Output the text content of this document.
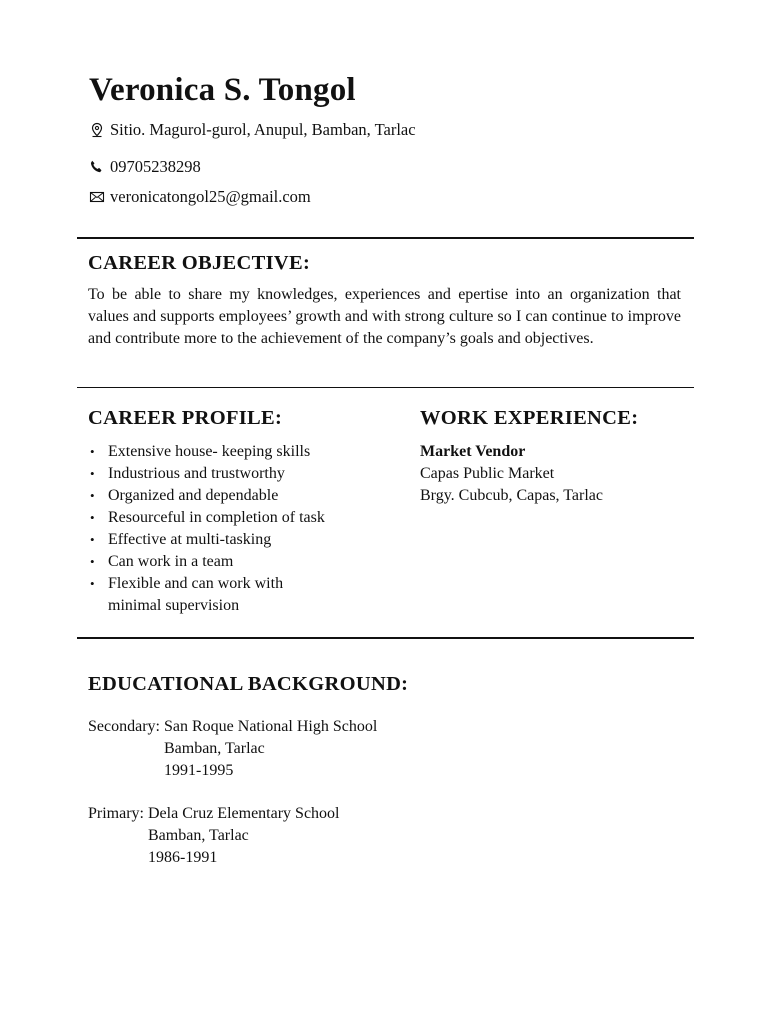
Veronica S. Tongol
Sitio. Magurol-gurol, Anupul, Bamban, Tarlac
09705238298
veronicatongol25@gmail.com
CAREER OBJECTIVE:
To be able to share my knowledges, experiences and epertise into an organization that values and supports employees’ growth and with strong culture so I can continue to improve and contribute more to the achievement of the company’s goals and objectives.
CAREER PROFILE:
• Extensive house- keeping skills
• Industrious and trustworthy
• Organized and dependable
• Resourceful in completion of task
• Effective at multi-tasking
• Can work in a team
• Flexible and can work with minimal supervision
WORK EXPERIENCE:
Market Vendor
Capas Public Market
Brgy. Cubcub, Capas, Tarlac
EDUCATIONAL BACKGROUND:
Secondary: San Roque National High School
Bamban, Tarlac
1991-1995
Primary: Dela Cruz Elementary School
Bamban, Tarlac
1986-1991
